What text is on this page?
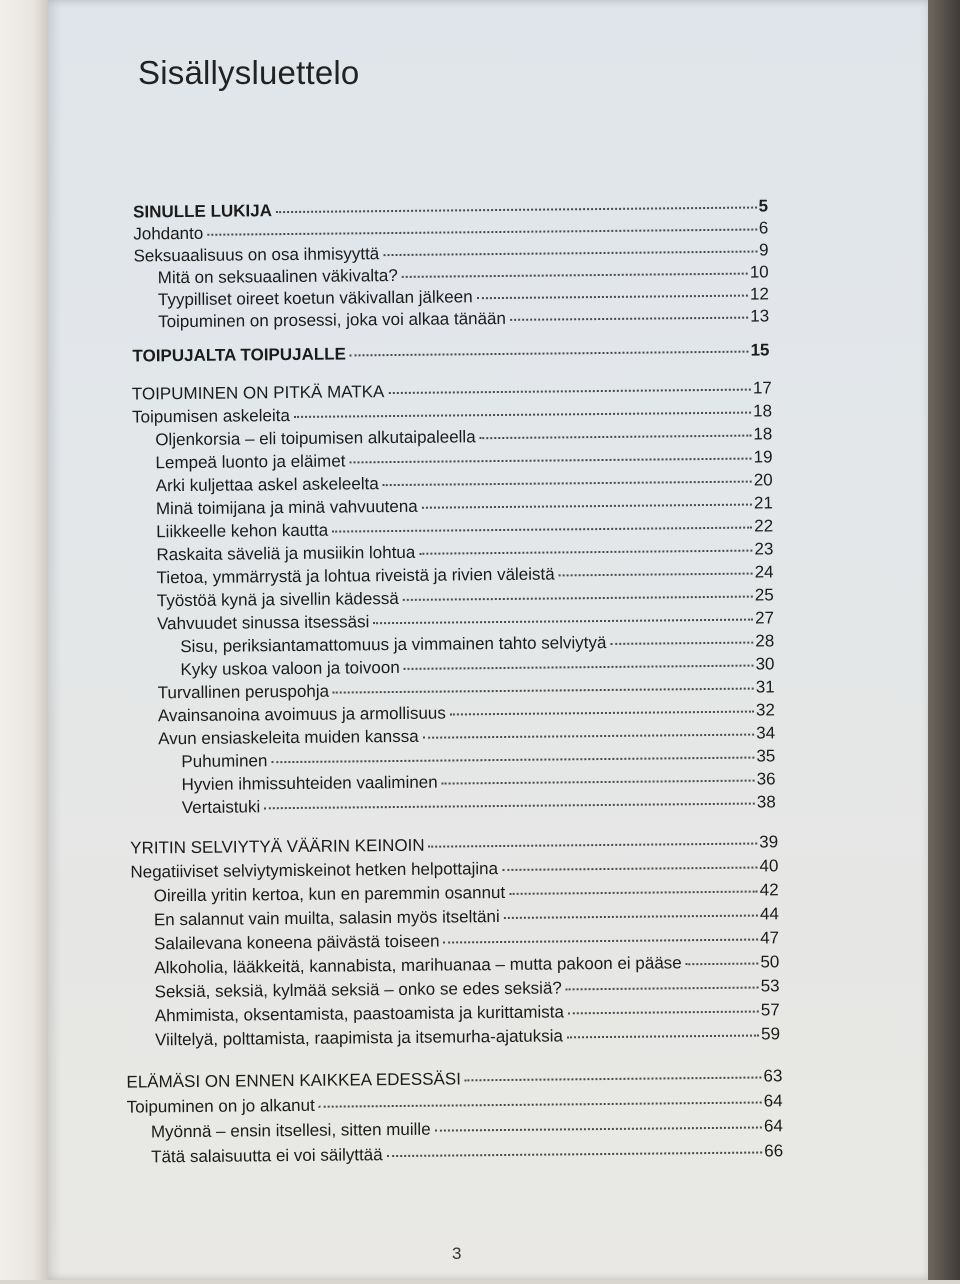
Sisällysluettelo
SINULLE LUKIJA	5
Johdanto	6
Seksuaalisuus on osa ihmisyyttä	9
Mitä on seksuaalinen väkivalta?	10
Tyypilliset oireet koetun väkivallan jälkeen	12
Toipuminen on prosessi, joka voi alkaa tänään	13
TOIPUJALTA TOIPUJALLE	15
TOIPUMINEN ON PITKÄ MATKA	17
Toipumisen askeleita	18
Oljenkorsia – eli toipumisen alkutaipaleella	18
Lempeä luonto ja eläimet	19
Arki kuljettaa askel askeleelta	20
Minä toimijana ja minä vahvuutena	21
Liikkeelle kehon kautta	22
Raskaita säveliä ja musiikin lohtua	23
Tietoa, ymmärrystä ja lohtua riveistä ja rivien väleistä	24
Työstöä kynä ja sivellin kädessä	25
Vahvuudet sinussa itsessäsi	27
Sisu, periksiantamattomuus ja vimmainen tahto selviytyä	28
Kyky uskoa valoon ja toivoon	30
Turvallinen peruspohja	31
Avainsanoina avoimuus ja armollisuus	32
Avun ensiaskeleita muiden kanssa	34
Puhuminen	35
Hyvien ihmissuhteiden vaaliminen	36
Vertaistuki	38
YRITIN SELVIYTYÄ VÄÄRIN KEINOIN	39
Negatiiviset selviytymiskeinot hetken helpottajina	40
Oireilla yritin kertoa, kun en paremmin osannut	42
En salannut vain muilta, salasin myös itseltäni	44
Salailevana koneena päivästä toiseen	47
Alkoholia, lääkkeitä, kannabista, marihuanaa – mutta pakoon ei pääse	50
Seksiä, seksiä, kylmää seksiä – onko se edes seksiä?	53
Ahmimista, oksentamista, paastoamista ja kurittamista	57
Viiltelyä, polttamista, raapimista ja itsemurha-ajatuksia	59
ELÄMÄSI ON ENNEN KAIKKEA EDESSÄSI	63
Toipuminen on jo alkanut	64
Myönnä – ensin itsellesi, sitten muille	64
Tätä salaisuutta ei voi säilyttää	66
3
